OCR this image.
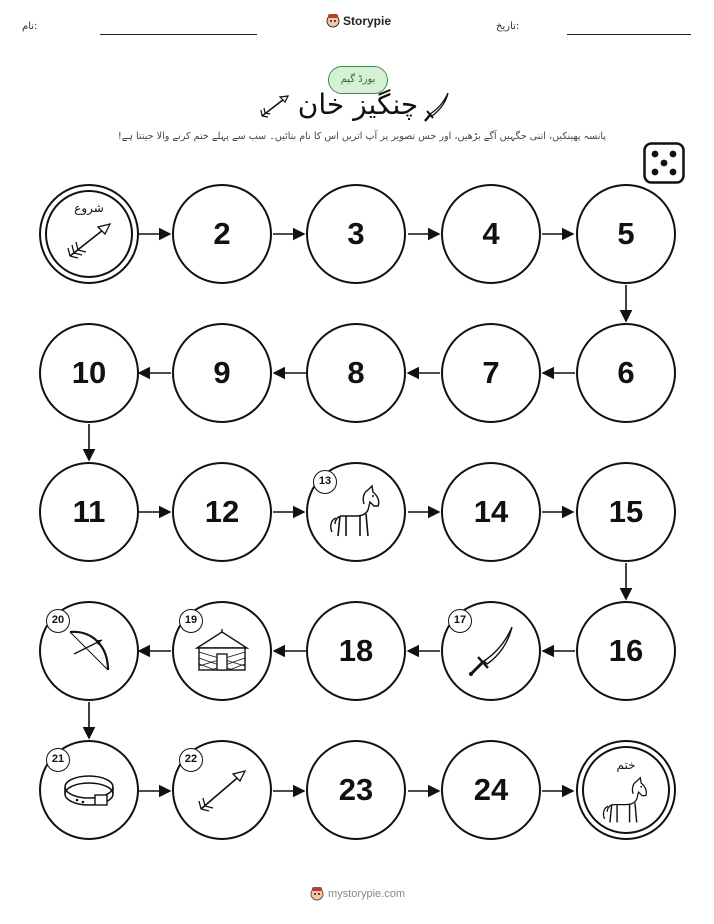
نام:	Storypie	تاریخ:
بورڈ گیم
چنگیز خان
پانسہ پھینکیں، اتنی جگہیں آگے بڑھیں، اور جس تصویر پر آپ اتریں اس کا نام بتائیں۔ سب سے پہلے ختم کرنے والا جیتتا ہے!
شروع
2	3	4	5
6
7
8
9
10
11	12
13
14	15
16
17
18
19
20
21	22
23	24
ختم
mystorypie.com
